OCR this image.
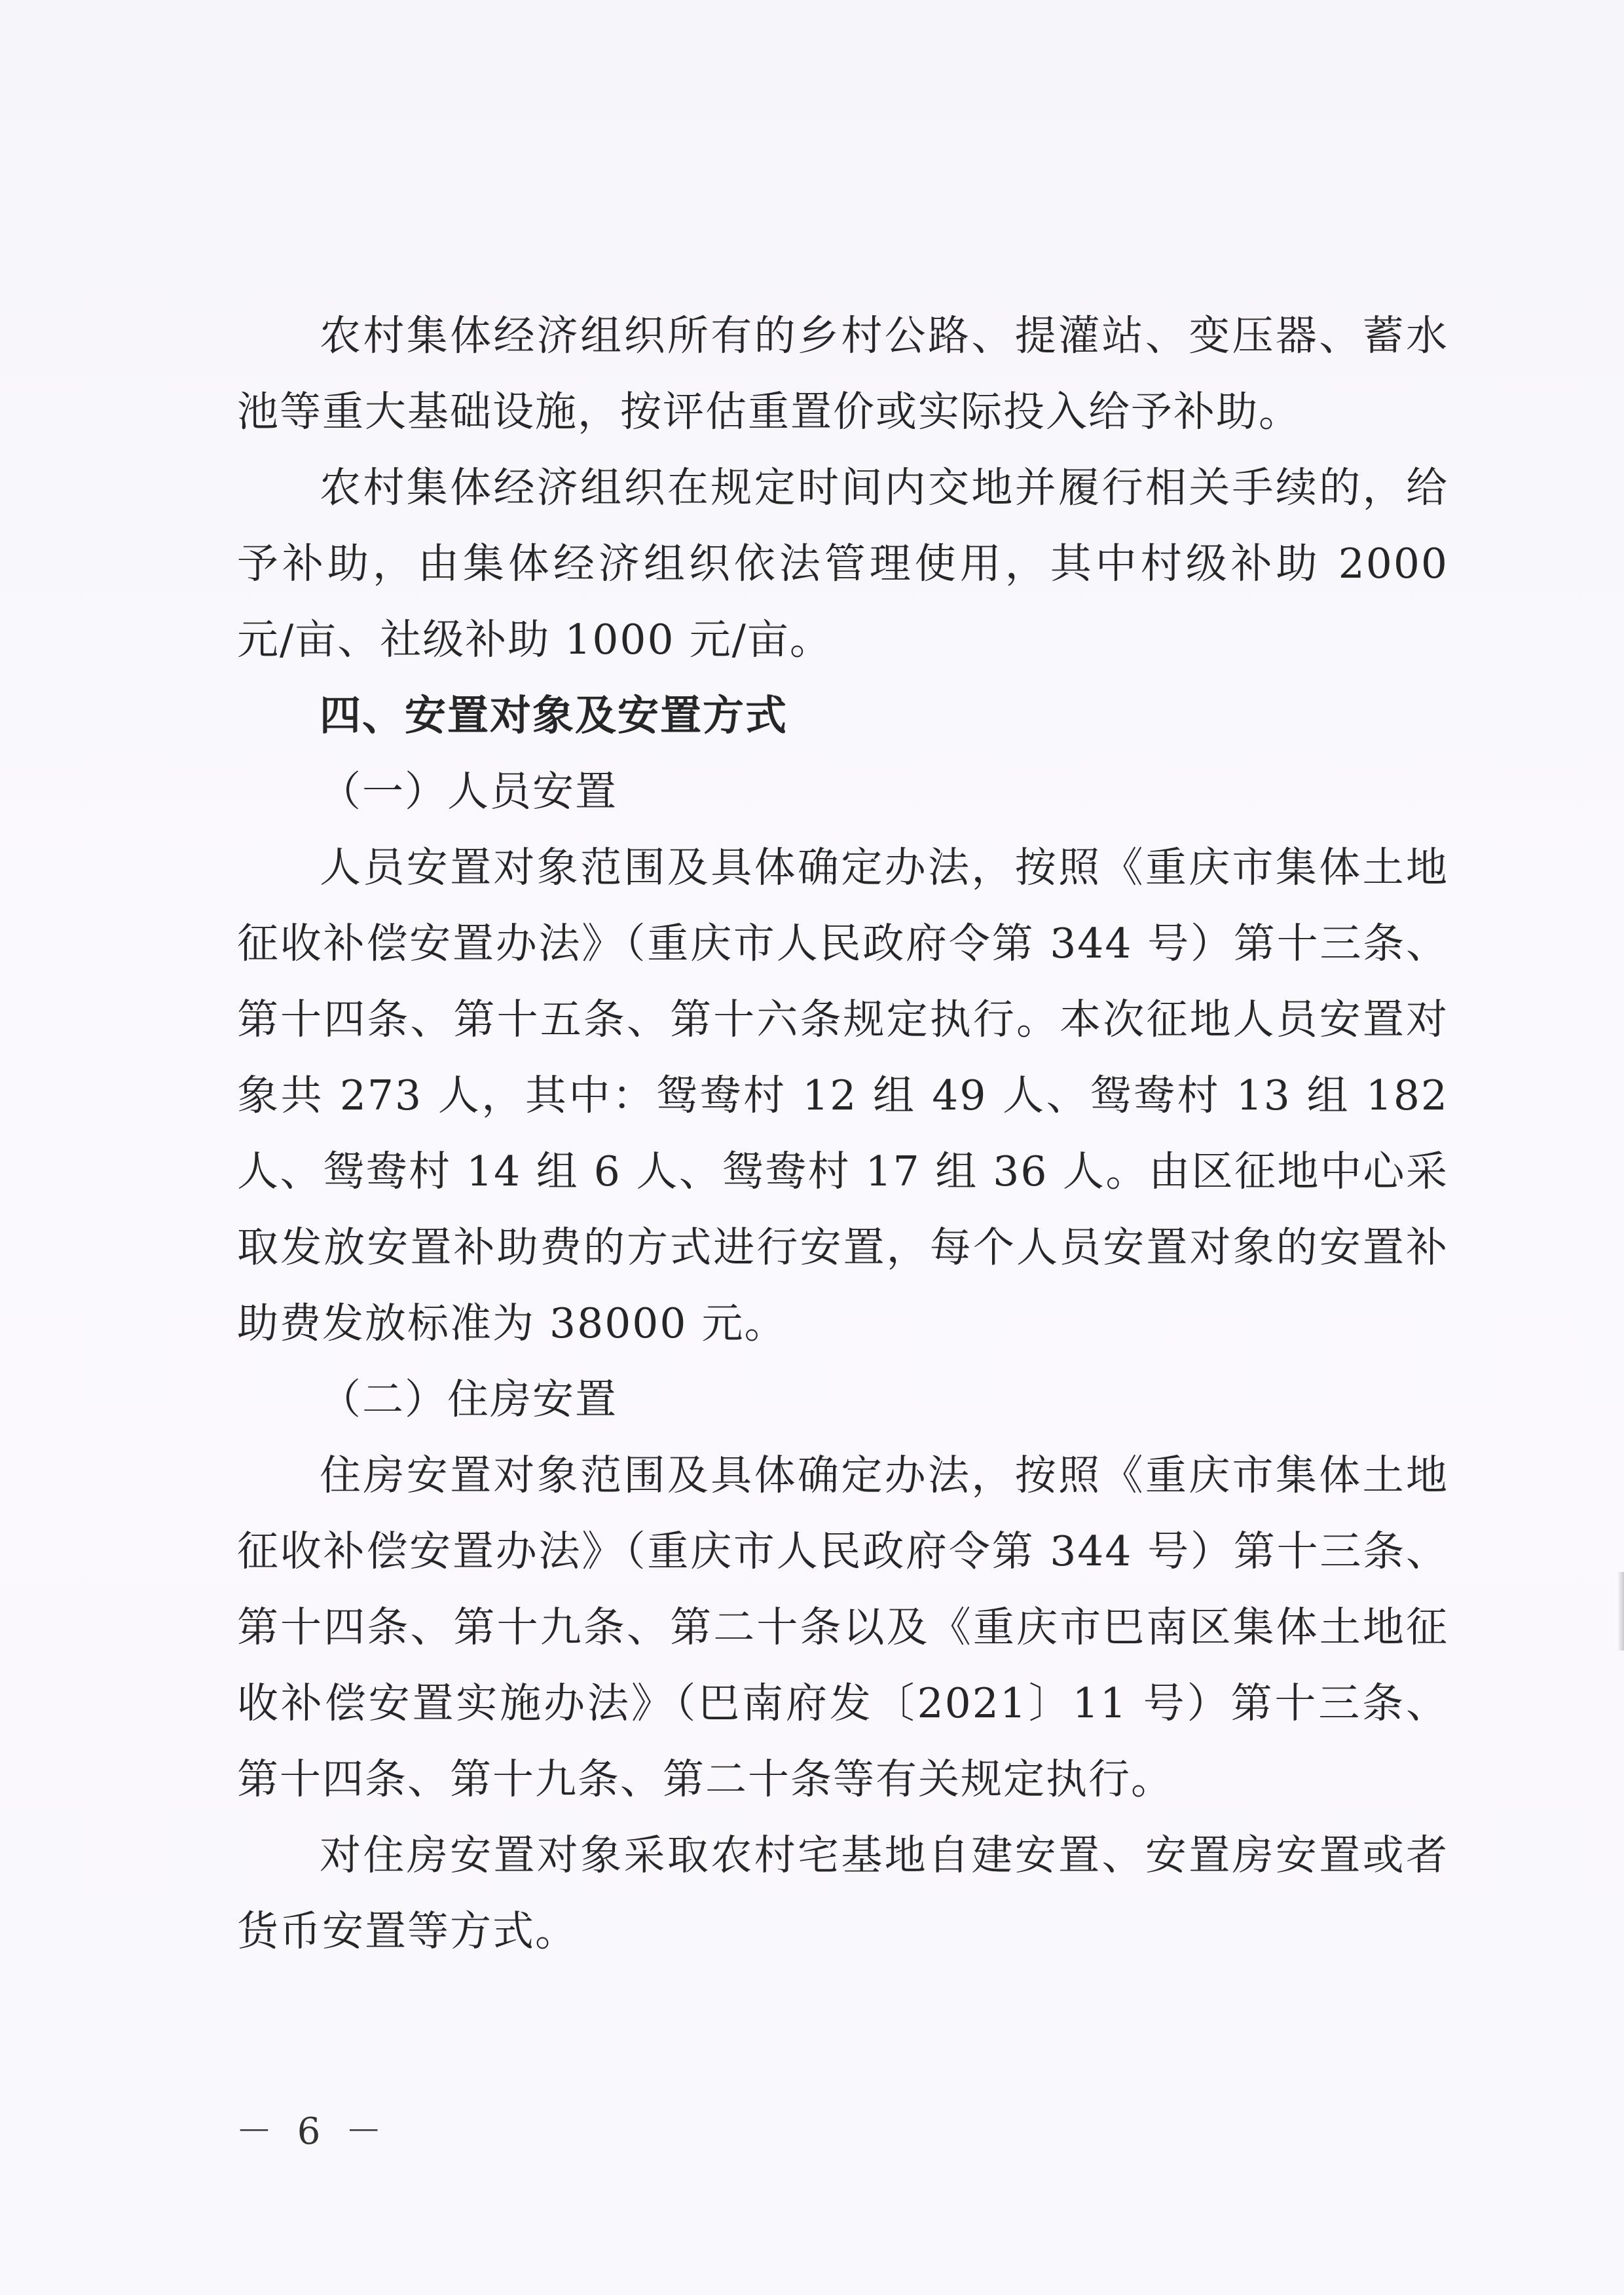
农村集体经济组织所有的乡村公路、提灌站、变压器、蓄水池等重大基础设施，按评估重置价或实际投入给予补助。

农村集体经济组织在规定时间内交地并履行相关手续的，给予补助，由集体经济组织依法管理使用，其中村级补助 2000 元/亩、社级补助 1000 元/亩。

四、安置对象及安置方式

（一）人员安置

人员安置对象范围及具体确定办法，按照《重庆市集体土地征收补偿安置办法》（重庆市人民政府令第 344 号）第十三条、第十四条、第十五条、第十六条规定执行。本次征地人员安置对象共 273 人，其中：鸳鸯村 12 组 49 人、鸳鸯村 13 组 182 人、鸳鸯村 14 组 6 人、鸳鸯村 17 组 36 人。由区征地中心采取发放安置补助费的方式进行安置，每个人员安置对象的安置补助费发放标准为 38000 元。

（二）住房安置

住房安置对象范围及具体确定办法，按照《重庆市集体土地征收补偿安置办法》（重庆市人民政府令第 344 号）第十三条、第十四条、第十九条、第二十条以及《重庆市巴南区集体土地征收补偿安置实施办法》（巴南府发〔2021〕11 号）第十三条、第十四条、第十九条、第二十条等有关规定执行。

对住房安置对象采取农村宅基地自建安置、安置房安置或者货币安置等方式。

－ 6 －
